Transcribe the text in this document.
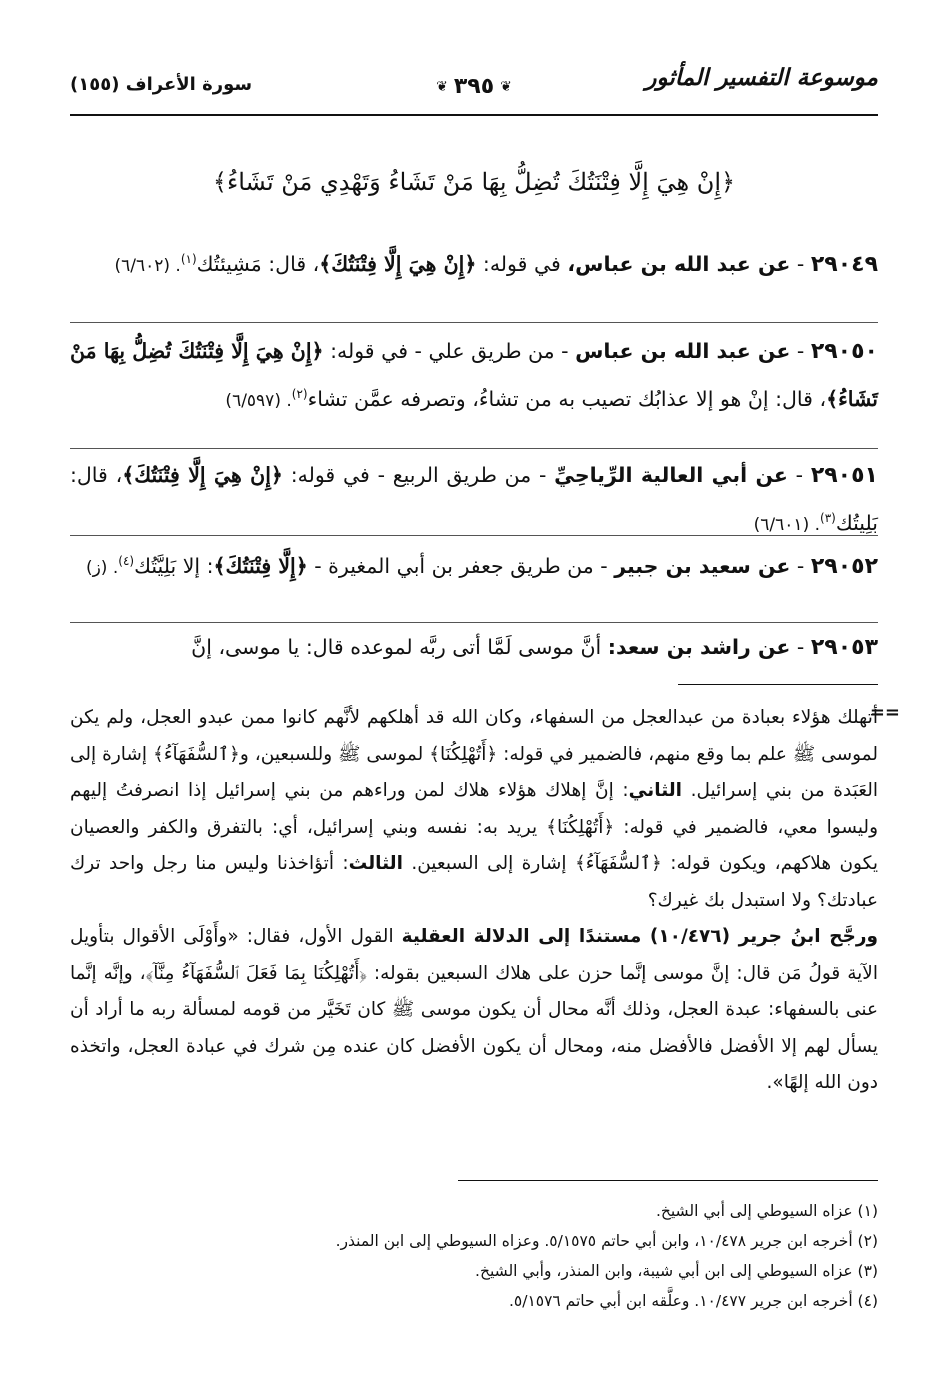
موسوعة التفسير المأثور
❦
٣٩٥
❦
سورة الأعراف (١٥٥)
﴿إِنْ هِيَ إِلَّا فِتْنَتُكَ تُضِلُّ بِهَا مَنْ تَشَاءُ وَتَهْدِي مَنْ تَشَاءُ﴾
٢٩٠٤٩ - عن عبد الله بن عباس، في قوله: ﴿إِنْ هِيَ إِلَّا فِتْنَتُكَ﴾، قال: مَشِيئتُك$^{(١)}$. (٦/٦٠٢)
٢٩٠٥٠ - عن عبد الله بن عباس - من طريق علي - في قوله: ﴿إِنْ هِيَ إِلَّا فِتْنَتُكَ تُضِلُّ بِهَا مَنْ تَشَاءُ﴾، قال: إنْ هو إلا عذابُك تصيب به من تشاءُ، وتصرفه عمَّن تشاء$^{(٢)}$. (٦/٥٩٧)
٢٩٠٥١ - عن أبي العالية الرِّياحِيِّ - من طريق الربيع - في قوله: ﴿إِنْ هِيَ إِلَّا فِتْنَتُكَ﴾، قال: بَلِيتُك$^{(٣)}$. (٦/٦٠١)
٢٩٠٥٢ - عن سعيد بن جبير - من طريق جعفر بن أبي المغيرة - ﴿إِلَّا فِتْنَتُكَ﴾: إلا بَلِيَّتُك$^{(٤)}$. (ز)
٢٩٠٥٣ - عن راشد بن سعد: أنَّ موسى لَمَّا أتى ربَّه لموعده قال: يا موسى، إنَّ
==
أتهلك هؤلاء بعبادة من عبدالعجل من السفهاء، وكان الله قد أهلكهم لأنَّهم كانوا ممن عبدو العجل، ولم يكن لموسى ﷺ علم بما وقع منهم، فالضمير في قوله: ﴿أَتُهْلِكُنَا﴾ لموسى ﷺ وللسبعين، و﴿ٱلسُّفَهَآءُ﴾ إشارة إلى العَبَدة من بني إسرائيل. الثاني: إنَّ إهلاك هؤلاء هلاك لمن وراءهم من بني إسرائيل إذا انصرفتُ إليهم وليسوا معي، فالضمير في قوله: ﴿أَتُهْلِكُنَا﴾ يريد به: نفسه وبني إسرائيل، أي: بالتفرق والكفر والعصيان يكون هلاكهم، ويكون قوله: ﴿ٱلسُّفَهَآءُ﴾ إشارة إلى السبعين. الثالث: أتؤاخذنا وليس منا رجل واحد ترك عبادتك؟ ولا استبدل بك غيرك؟
ورجَّح ابنُ جرير (١٠/٤٧٦) مستندًا إلى الدلالة العقلية القول الأول، فقال: «وأَوْلَى الأقوال بتأويل الآية قولُ مَن قال: إنَّ موسى إنَّما حزن على هلاك السبعين بقوله: ﴿أَتُهْلِكُنَا بِمَا فَعَلَ ٱلسُّفَهَآءُ مِنَّآ﴾، وإنَّه إنَّما عنى بالسفهاء: عبدة العجل، وذلك أنَّه محال أن يكون موسى ﷺ كان تَخَيَّر من قومه لمسألة ربه ما أراد أن يسأل لهم إلا الأفضل فالأفضل منه، ومحال أن يكون الأفضل كان عنده مِن شرك في عبادة العجل، واتخذه دون الله إلهًا».
(١) عزاه السيوطي إلى أبي الشيخ.
(٢) أخرجه ابن جرير ١٠/٤٧٨، وابن أبي حاتم ٥/١٥٧٥. وعزاه السيوطي إلى ابن المنذر.
(٣) عزاه السيوطي إلى ابن أبي شيبة، وابن المنذر، وأبي الشيخ.
(٤) أخرجه ابن جرير ١٠/٤٧٧. وعلَّقه ابن أبي حاتم ٥/١٥٧٦.
